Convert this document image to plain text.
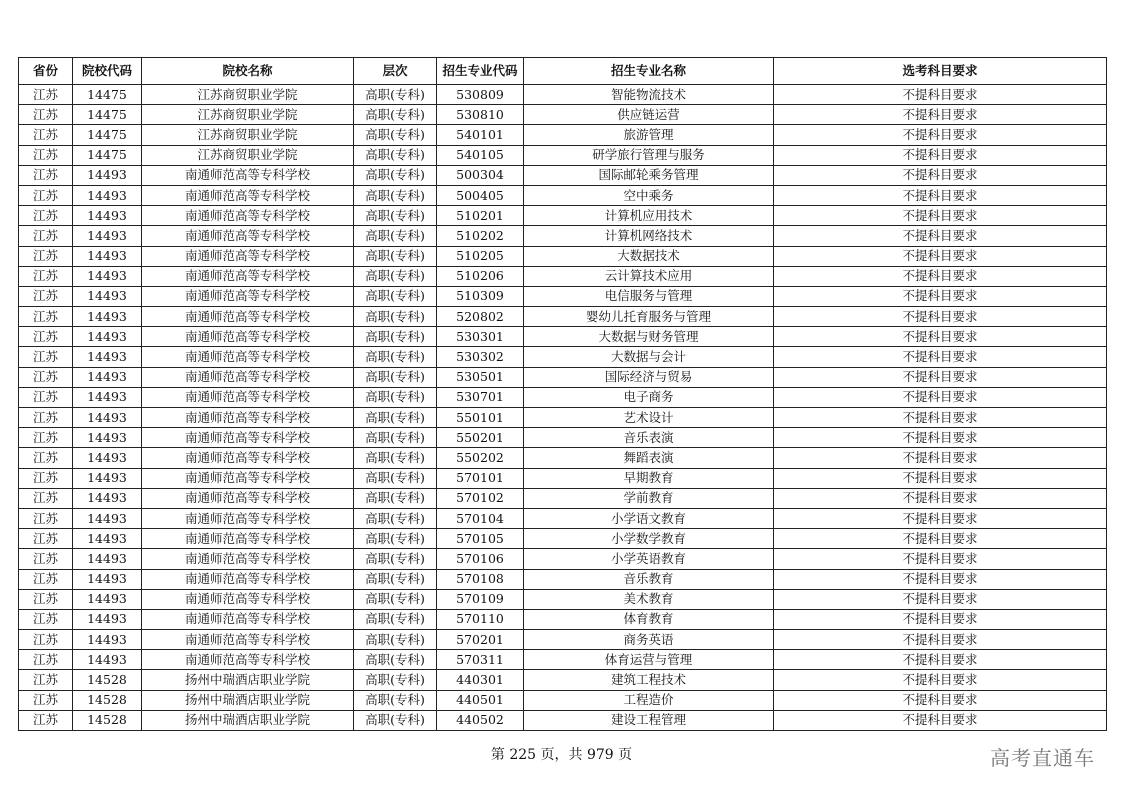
省份	院校代码	院校名称	层次	招生专业代码	招生专业名称	选考科目要求
江苏	14475	江苏商贸职业学院	高职(专科)	530809	智能物流技术	不提科目要求
江苏	14475	江苏商贸职业学院	高职(专科)	530810	供应链运营	不提科目要求
江苏	14475	江苏商贸职业学院	高职(专科)	540101	旅游管理	不提科目要求
江苏	14475	江苏商贸职业学院	高职(专科)	540105	研学旅行管理与服务	不提科目要求
江苏	14493	南通师范高等专科学校	高职(专科)	500304	国际邮轮乘务管理	不提科目要求
江苏	14493	南通师范高等专科学校	高职(专科)	500405	空中乘务	不提科目要求
江苏	14493	南通师范高等专科学校	高职(专科)	510201	计算机应用技术	不提科目要求
江苏	14493	南通师范高等专科学校	高职(专科)	510202	计算机网络技术	不提科目要求
江苏	14493	南通师范高等专科学校	高职(专科)	510205	大数据技术	不提科目要求
江苏	14493	南通师范高等专科学校	高职(专科)	510206	云计算技术应用	不提科目要求
江苏	14493	南通师范高等专科学校	高职(专科)	510309	电信服务与管理	不提科目要求
江苏	14493	南通师范高等专科学校	高职(专科)	520802	婴幼儿托育服务与管理	不提科目要求
江苏	14493	南通师范高等专科学校	高职(专科)	530301	大数据与财务管理	不提科目要求
江苏	14493	南通师范高等专科学校	高职(专科)	530302	大数据与会计	不提科目要求
江苏	14493	南通师范高等专科学校	高职(专科)	530501	国际经济与贸易	不提科目要求
江苏	14493	南通师范高等专科学校	高职(专科)	530701	电子商务	不提科目要求
江苏	14493	南通师范高等专科学校	高职(专科)	550101	艺术设计	不提科目要求
江苏	14493	南通师范高等专科学校	高职(专科)	550201	音乐表演	不提科目要求
江苏	14493	南通师范高等专科学校	高职(专科)	550202	舞蹈表演	不提科目要求
江苏	14493	南通师范高等专科学校	高职(专科)	570101	早期教育	不提科目要求
江苏	14493	南通师范高等专科学校	高职(专科)	570102	学前教育	不提科目要求
江苏	14493	南通师范高等专科学校	高职(专科)	570104	小学语文教育	不提科目要求
江苏	14493	南通师范高等专科学校	高职(专科)	570105	小学数学教育	不提科目要求
江苏	14493	南通师范高等专科学校	高职(专科)	570106	小学英语教育	不提科目要求
江苏	14493	南通师范高等专科学校	高职(专科)	570108	音乐教育	不提科目要求
江苏	14493	南通师范高等专科学校	高职(专科)	570109	美术教育	不提科目要求
江苏	14493	南通师范高等专科学校	高职(专科)	570110	体育教育	不提科目要求
江苏	14493	南通师范高等专科学校	高职(专科)	570201	商务英语	不提科目要求
江苏	14493	南通师范高等专科学校	高职(专科)	570311	体育运营与管理	不提科目要求
江苏	14528	扬州中瑞酒店职业学院	高职(专科)	440301	建筑工程技术	不提科目要求
江苏	14528	扬州中瑞酒店职业学院	高职(专科)	440501	工程造价	不提科目要求
江苏	14528	扬州中瑞酒店职业学院	高职(专科)	440502	建设工程管理	不提科目要求
第 225 页，共 979 页	高考直通车
